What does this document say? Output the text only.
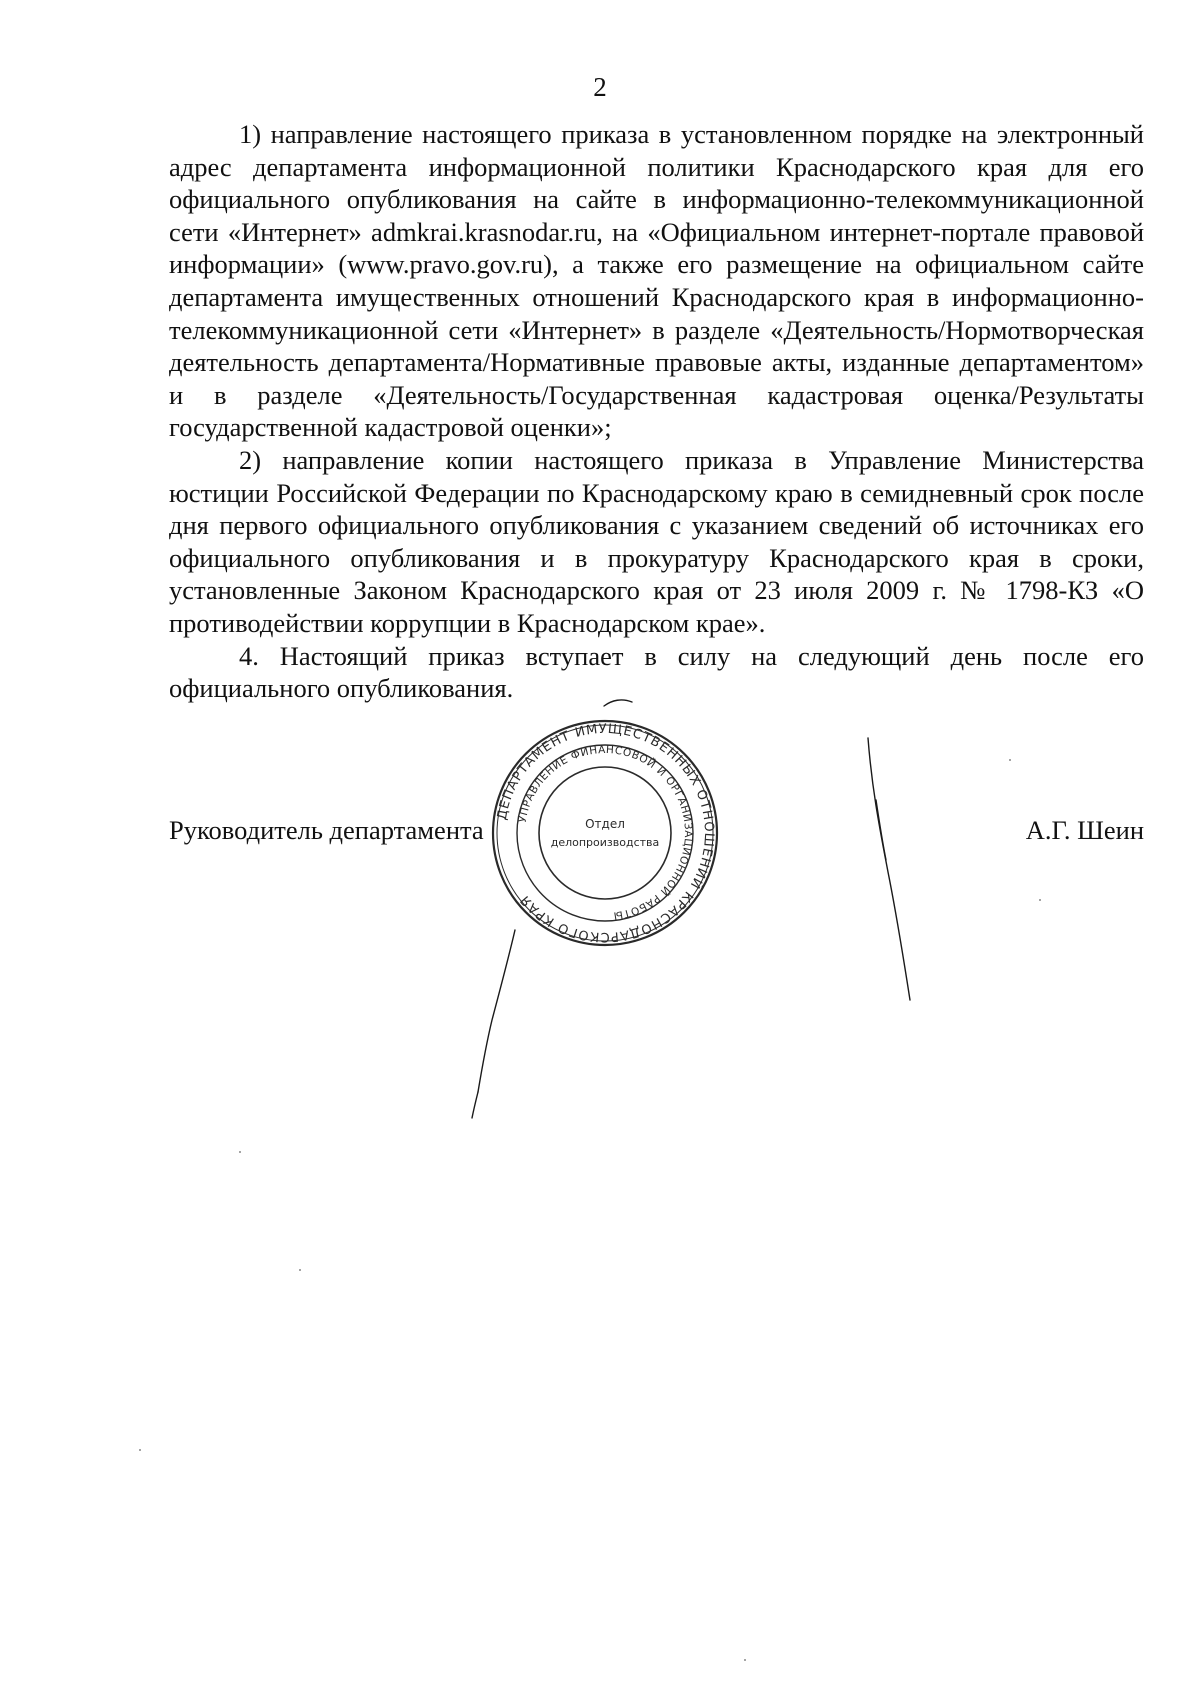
2

1) направление настоящего приказа в установленном порядке на электронный адрес департамента информационной политики Краснодарского края для его официального опубликования на сайте в информационно-телекоммуникационной сети «Интернет» admkrai.krasnodar.ru, на «Официальном интернет-портале правовой информации» (www.pravo.gov.ru), а также его размещение на официальном сайте департамента имущественных отношений Краснодарского края в информационно-телекоммуникационной сети «Интернет» в разделе «Деятельность/Нормотворческая деятельность департамента/Нормативные правовые акты, изданные департаментом» и в разделе «Деятельность/Государственная кадастровая оценка/Результаты государственной кадастровой оценки»;

2) направление копии настоящего приказа в Управление Министерства юстиции Российской Федерации по Краснодарскому краю в семидневный срок после дня первого официального опубликования с указанием сведений об источниках его официального опубликования и в прокуратуру Краснодарского края в сроки, установленные Законом Краснодарского края от 23 июля 2009 г. № 1798-КЗ «О противодействии коррупции в Краснодарском крае».

4. Настоящий приказ вступает в силу на следующий день после его официального опубликования.

Руководитель департамента	А.Г. Шеин
ДЕПАРТАМЕНТ ИМУЩЕСТВЕННЫХ ОТНОШЕНИЙ КРАСНОДАРСКОГО КРАЯ
УПРАВЛЕНИЕ ФИНАНСОВОЙ И ОРГАНИЗАЦИОННОЙ РАБОТЫ
Отдел
делопроизводства
